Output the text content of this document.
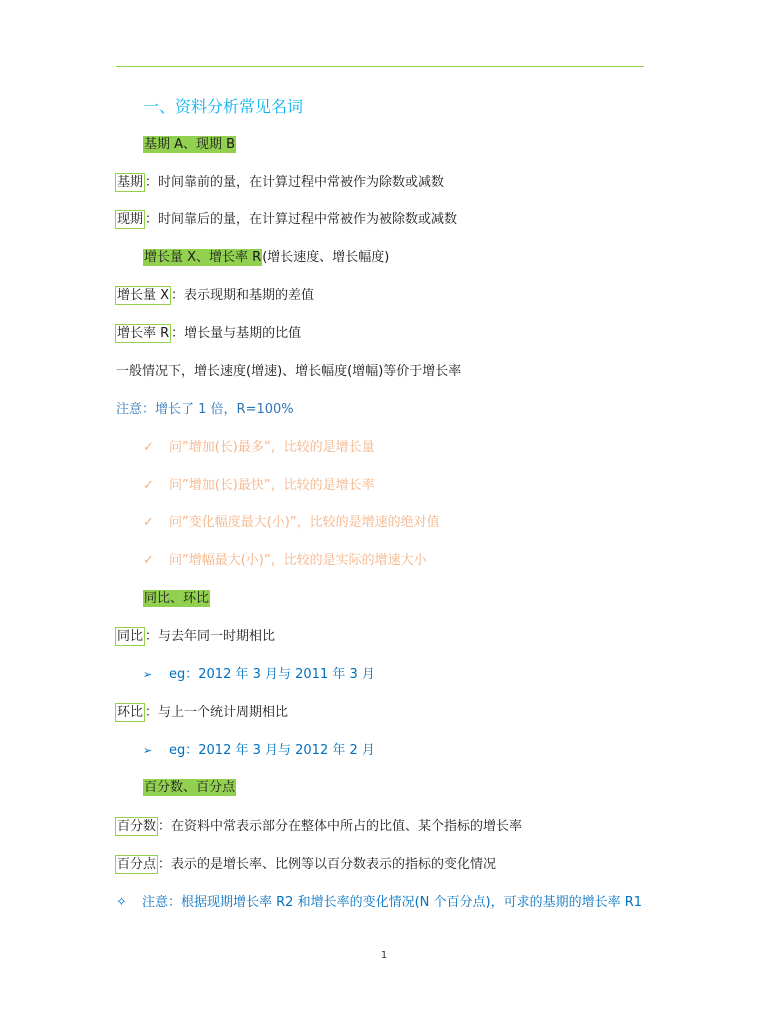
一、资料分析常见名词
基期 A、现期 B
基期 ：时间靠前的量，在计算过程中常被作为除数或减数
现期 ：时间靠后的量，在计算过程中常被作为被除数或减数
增长量 X、增长率 R(增长速度、增长幅度)
增长量 X ：表示现期和基期的差值
增长率 R ：增长量与基期的比值
一般情况下，增长速度(增速)、增长幅度(增幅)等价于增长率
注意：增长了 1 倍，R=100%
✓ 问”增加(长)最多”，比较的是增长量
✓ 问”增加(长)最快”，比较的是增长率
✓ 问”变化幅度最大(小)”，比较的是增速的绝对值
✓ 问”增幅最大(小)”，比较的是实际的增速大小
同比、环比
同比 ：与去年同一时期相比
➢ eg：2012 年 3 月与 2011 年 3 月
环比 ：与上一个统计周期相比
➢ eg：2012 年 3 月与 2012 年 2 月
百分数、百分点
百分数 ：在资料中常表示部分在整体中所占的比值、某个指标的增长率
百分点 ：表示的是增长率、比例等以百分数表示的指标的变化情况
✧ 注意：根据现期增长率 R2 和增长率的变化情况(N 个百分点)，可求的基期的增长率 R1
1
